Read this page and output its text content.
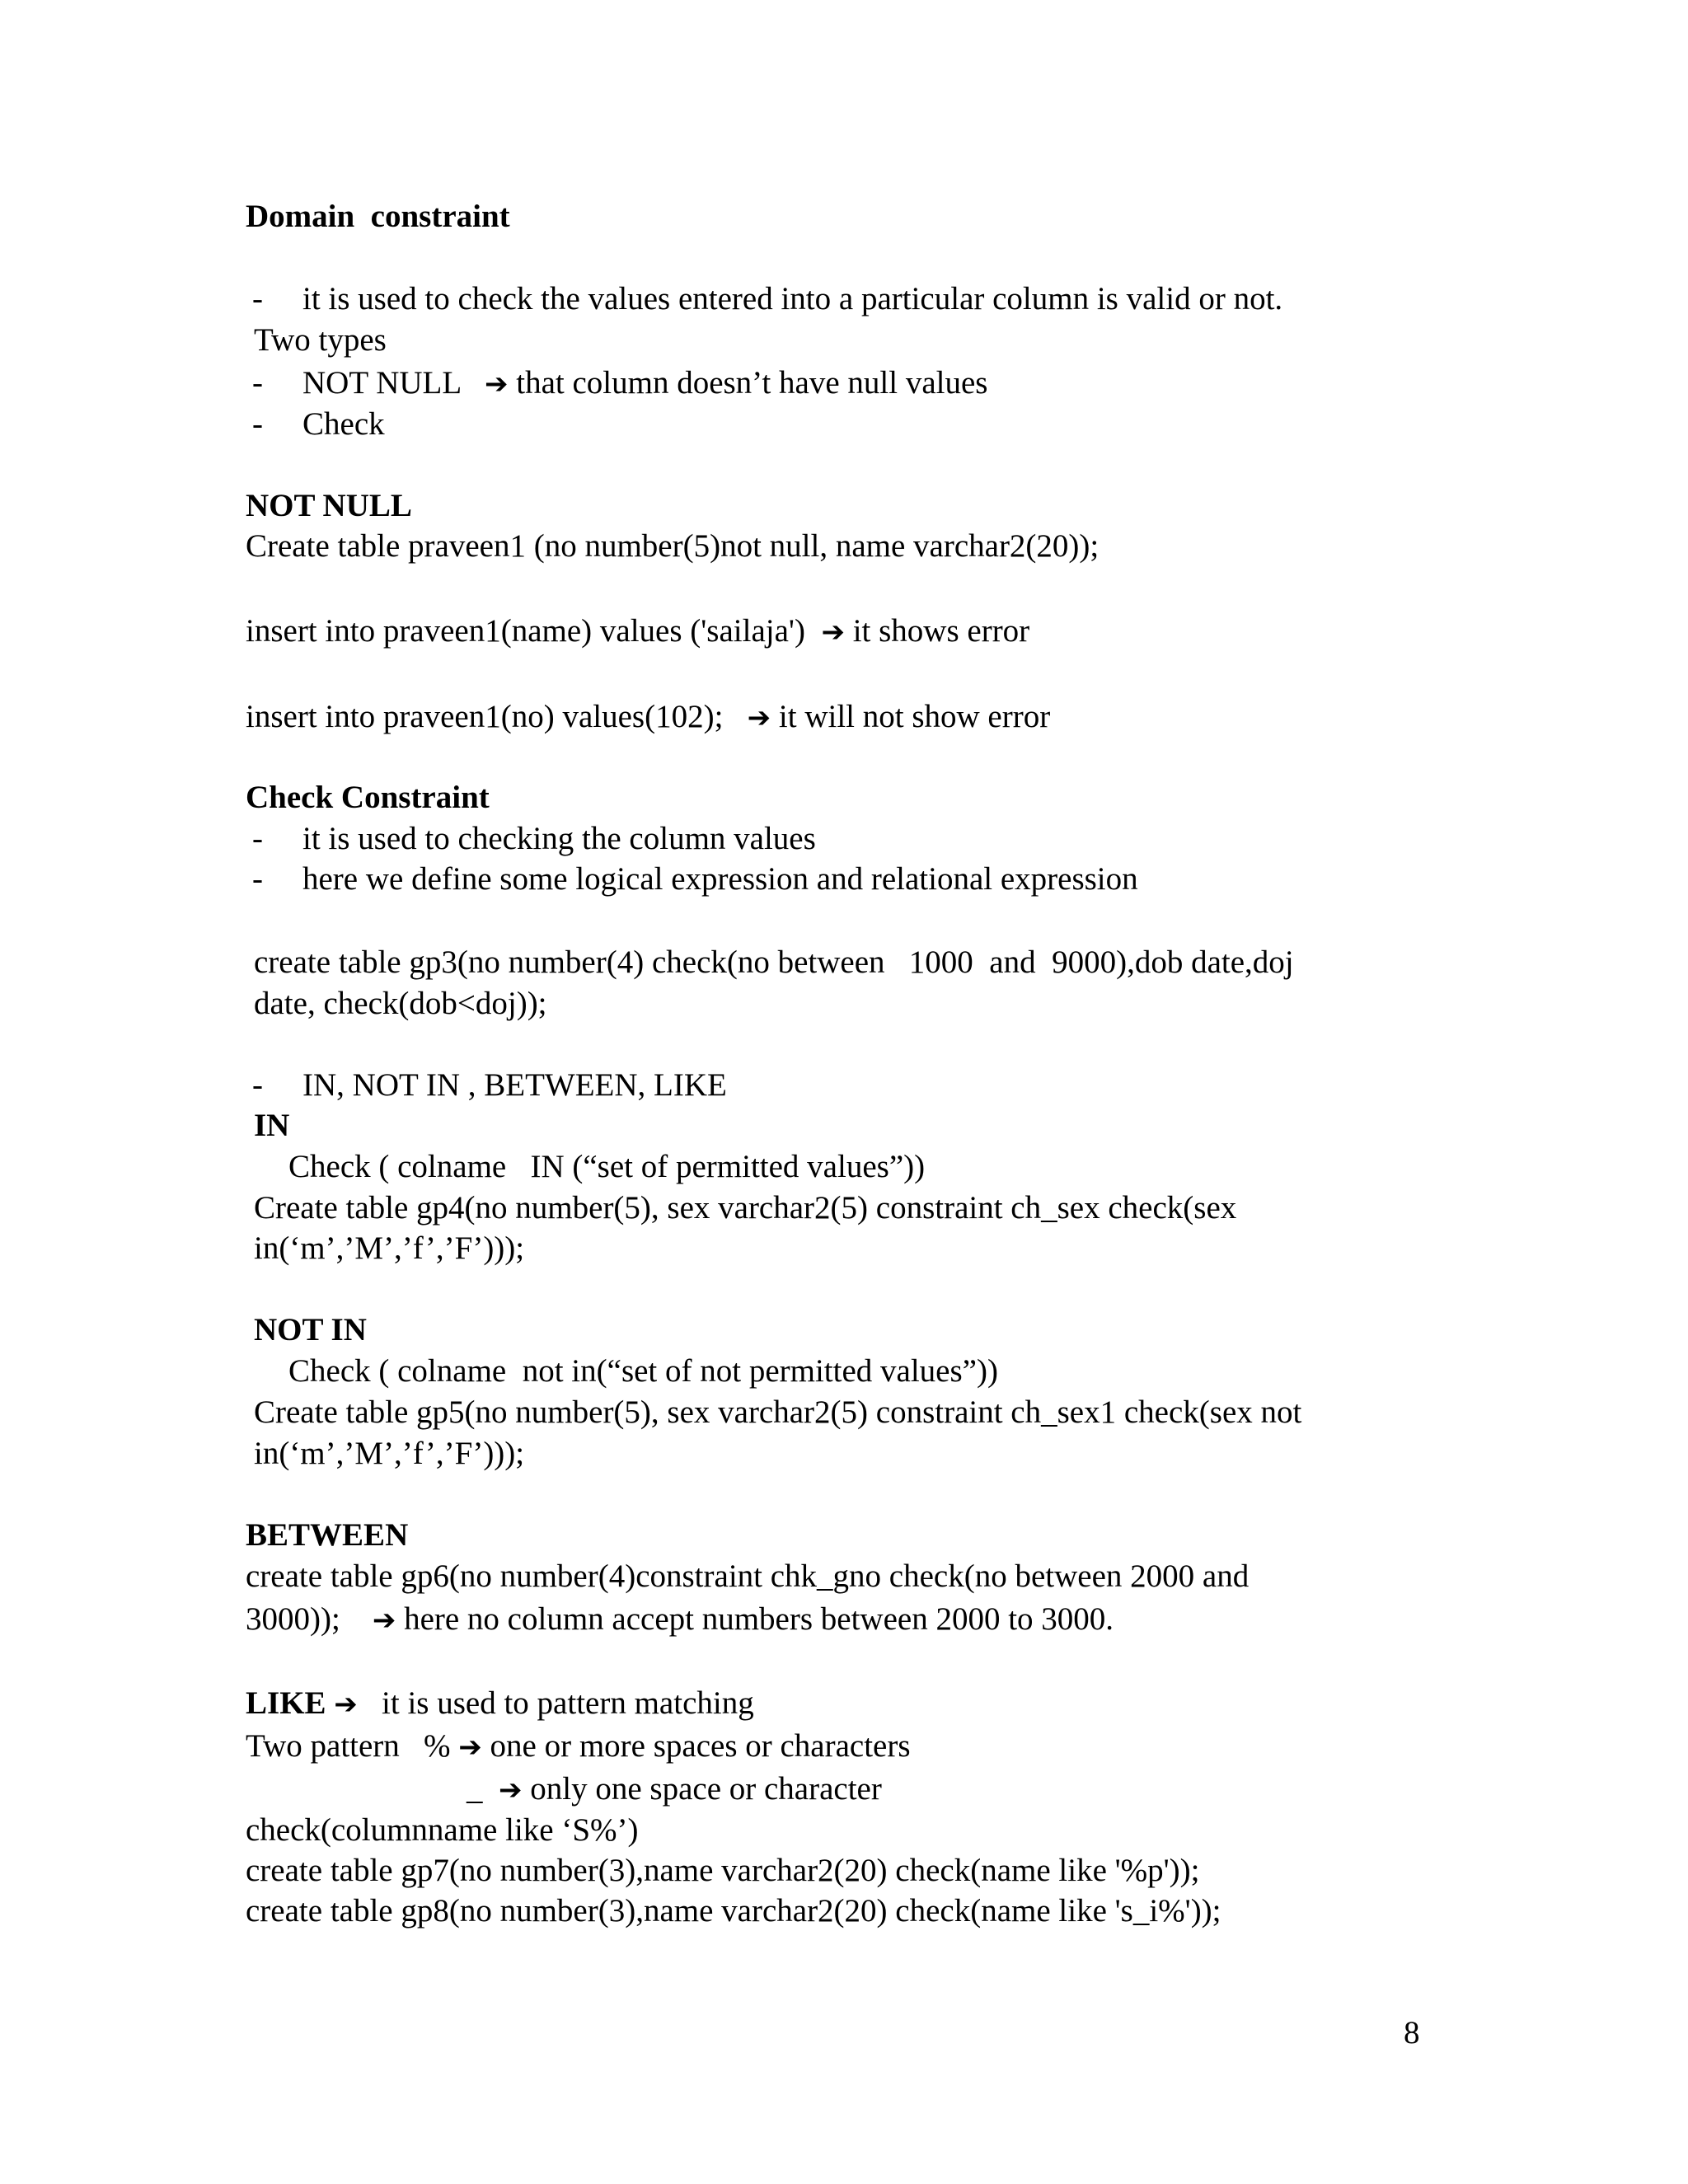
Domain  constraint
- it is used to check the values entered into a particular column is valid or not.
Two types
- NOT NULL ➔ that column doesn’t have null values
- Check
NOT NULL
Create table praveen1 (no number(5)not null, name varchar2(20));
insert into praveen1(name) values ('sailaja') ➔ it shows error
insert into praveen1(no) values(102); ➔ it will not show error
Check Constraint
- it is used to checking the column values
- here we define some logical expression and relational expression
create table gp3(no number(4) check(no between   1000  and  9000),dob date,doj
date, check(dob<doj));
- IN, NOT IN , BETWEEN, LIKE
IN
Check ( colname   IN (“set of permitted values”))
Create table gp4(no number(5), sex varchar2(5) constraint ch_sex check(sex
in(‘m’,’M’,’f’,’F’)));
NOT IN
Check ( colname  not in(“set of not permitted values”))
Create table gp5(no number(5), sex varchar2(5) constraint ch_sex1 check(sex not
in(‘m’,’M’,’f’,’F’)));
BETWEEN
create table gp6(no number(4)constraint chk_gno check(no between 2000 and
3000)); ➔ here no column accept numbers between 2000 to 3000.
LIKE ➔ it is used to pattern matching
Two pattern   % ➔ one or more spaces or characters
_ ➔ only one space or character
check(columnname like ‘S%’)
create table gp7(no number(3),name varchar2(20) check(name like '%p'));
create table gp8(no number(3),name varchar2(20) check(name like 's_i%'));
8
